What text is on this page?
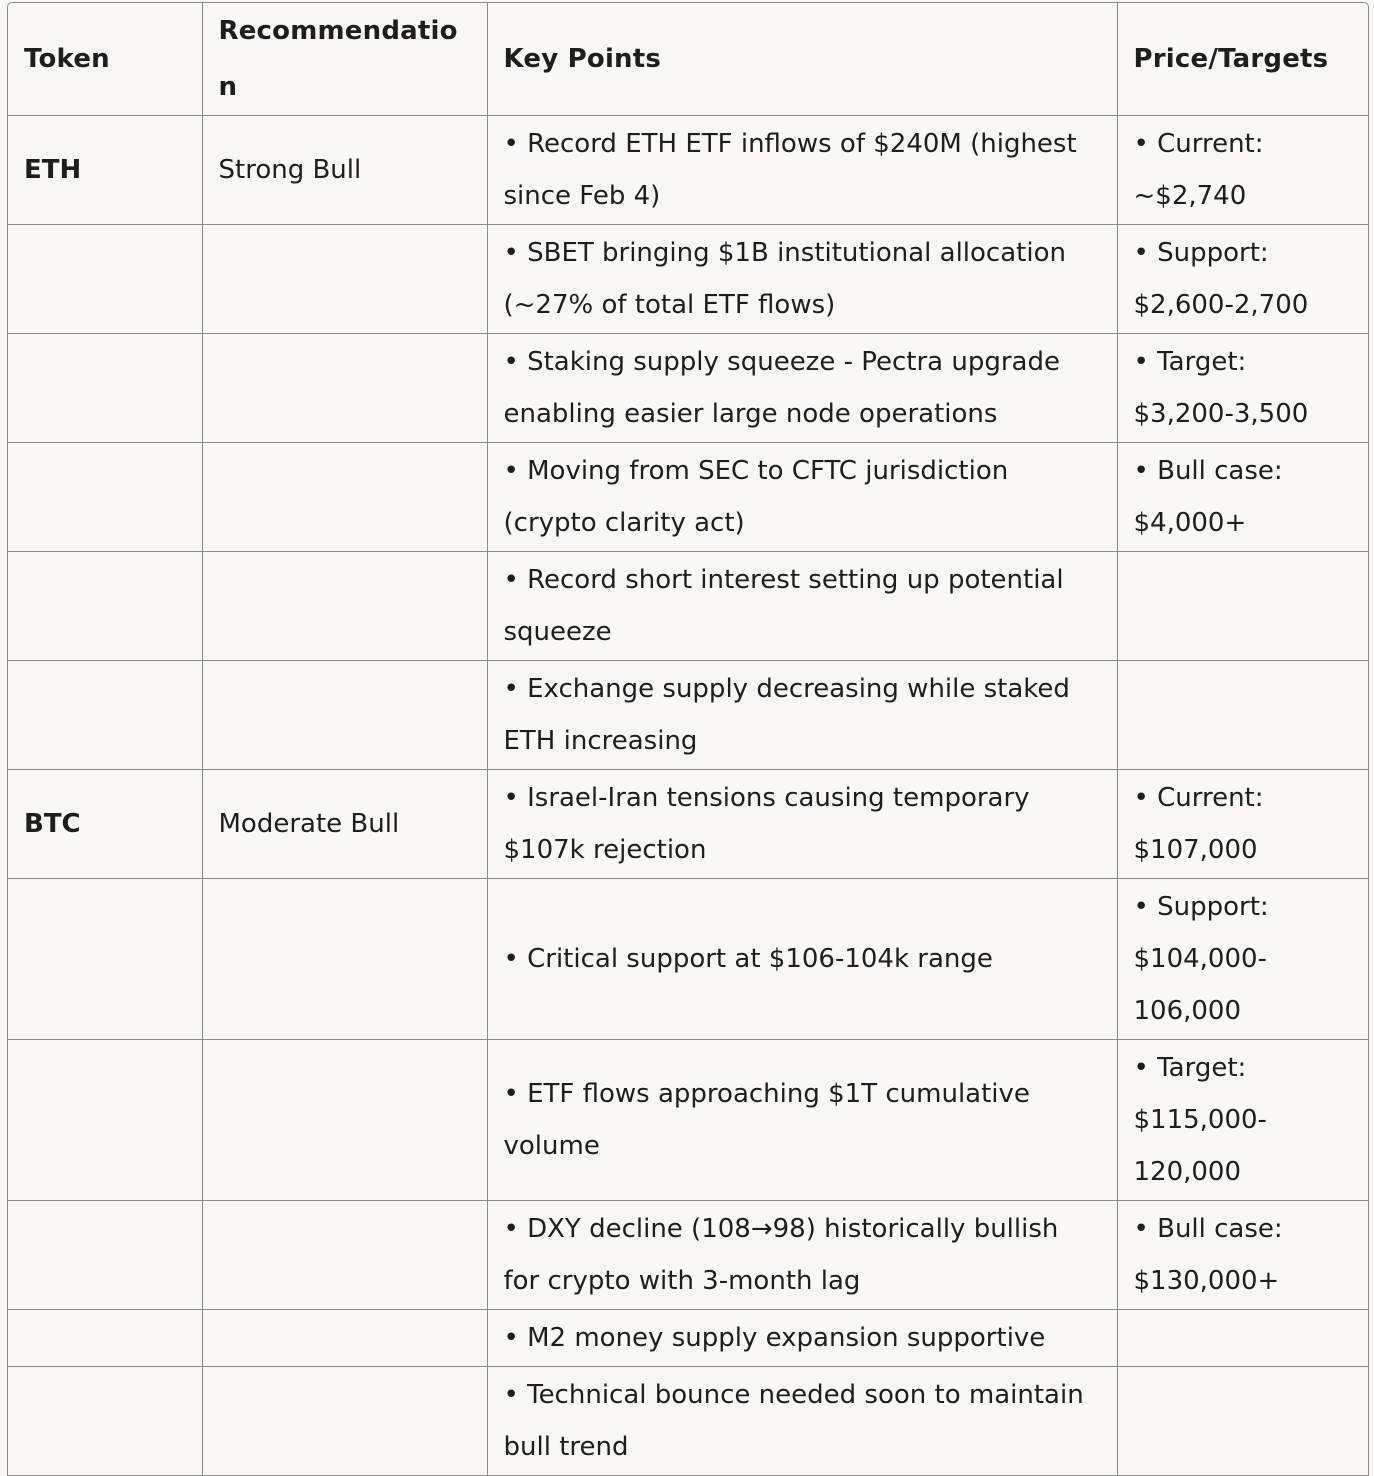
Token	Recommendation	Key Points	Price/Targets
ETH	Strong Bull	• Record ETH ETF inflows of $240M (highest since Feb 4)	• Current: ~$2,740
		• SBET bringing $1B institutional allocation (~27% of total ETF flows)	• Support: $2,600-2,700
		• Staking supply squeeze - Pectra upgrade enabling easier large node operations	• Target: $3,200-3,500
		• Moving from SEC to CFTC jurisdiction (crypto clarity act)	• Bull case: $4,000+
		• Record short interest setting up potential squeeze	
		• Exchange supply decreasing while staked ETH increasing	
BTC	Moderate Bull	• Israel-Iran tensions causing temporary $107k rejection	• Current: $107,000
		• Critical support at $106-104k range	• Support: $104,000-106,000
		• ETF flows approaching $1T cumulative volume	• Target: $115,000-120,000
		• DXY decline (108→98) historically bullish for crypto with 3-month lag	• Bull case: $130,000+
		• M2 money supply expansion supportive	
		• Technical bounce needed soon to maintain bull trend	
